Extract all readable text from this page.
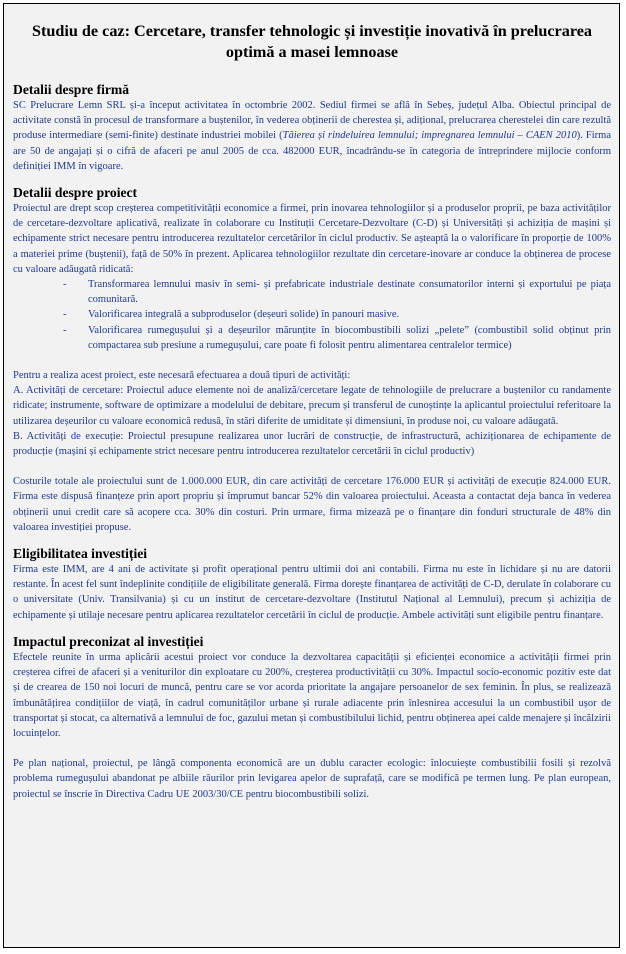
Studiu de caz: Cercetare, transfer tehnologic și investiție inovativă în prelucrarea optimă a masei lemnoase
Detalii despre firmă

SC Prelucrare Lemn SRL și-a început activitatea în octombrie 2002. Sediul firmei se află în Sebeș, județul Alba. Obiectul principal de activitate constă în procesul de transformare a buștenilor, în vederea obținerii de cherestea și, adițional, prelucrarea cherestelei din care rezultă produse intermediare (semi-finite) destinate industriei mobilei (Tăierea și rindeluirea lemnului; impregnarea lemnului – CAEN 2010). Firma are 50 de angajați și o cifră de afaceri pe anul 2005 de cca. 482000 EUR, încadrându-se în categoria de întreprindere mijlocie conform definiției IMM în vigoare.

Detalii despre proiect

Proiectul are drept scop creșterea competitivității economice a firmei, prin inovarea tehnologiilor și a produselor proprii, pe baza activităților de cercetare-dezvoltare aplicativă, realizate în colaborare cu Instituții Cercetare-Dezvoltare (C-D) și Universități și achiziția de mașini și echipamente strict necesare pentru introducerea rezultatelor cercetărilor în ciclul productiv. Se așteaptă la o valorificare în proporție de 100% a materiei prime (buștenii), față de 50% în prezent. Aplicarea tehnologiilor rezultate din cercetare-inovare ar conduce la obținerea de procese cu valoare adăugată ridicată:

- Transformarea lemnului masiv în semi- și prefabricate industriale destinate consumatorilor interni și exportului pe piața comunitară.
- Valorificarea integrală a subproduselor (deșeuri solide) în panouri masive.
- Valorificarea rumegușului și a deșeurilor mărunțite în biocombustibili solizi „pelete” (combustibil solid obținut prin compactarea sub presiune a rumegușului, care poate fi folosit pentru alimentarea centralelor termice)

Pentru a realiza acest proiect, este necesară efectuarea a două tipuri de activități:

A. Activități de cercetare: Proiectul aduce elemente noi de analiză/cercetare legate de tehnologiile de prelucrare a buștenilor cu randamente ridicate; instrumente, software de optimizare a modelului de debitare, precum și transferul de cunoștințe la aplicantul proiectului referitoare la utilizarea deșeurilor cu valoare economică redusă, în stări diferite de umiditate și dimensiuni, în produse noi, cu valoare adăugată.

B. Activități de execuție: Proiectul presupune realizarea unor lucrări de construcție, de infrastructură, achiziționarea de echipamente de producție (mașini și echipamente strict necesare pentru introducerea rezultatelor cercetării în ciclul productiv)

Costurile totale ale proiectului sunt de 1.000.000 EUR, din care activități de cercetare 176.000 EUR și activități de execuție 824.000 EUR. Firma este dispusă finanțeze prin aport propriu și împrumut bancar 52% din valoarea proiectului. Aceasta a contactat deja banca în vederea obținerii unui credit care să acopere cca. 30% din costuri. Prin urmare, firma mizează pe o finanțare din fonduri structurale de 48% din valoarea investiției propuse.

Eligibilitatea investiției

Firma este IMM, are 4 ani de activitate și profit operațional pentru ultimii doi ani contabili. Firma nu este în lichidare și nu are datorii restante. În acest fel sunt îndeplinite condițiile de eligibilitate generală. Firma dorește finanțarea de activități de C-D, derulate în colaborare cu o universitate (Univ. Transilvania) și cu un institut de cercetare-dezvoltare (Institutul Național al Lemnului), precum și achiziția de echipamente și utilaje necesare pentru aplicarea rezultatelor cercetării în ciclul de producție. Ambele activități sunt eligibile pentru finanțare.

Impactul preconizat al investiției

Efectele reunite în urma aplicării acestui proiect vor conduce la dezvoltarea capacității și eficienței economice a activității firmei prin creșterea cifrei de afaceri și a veniturilor din exploatare cu 200%, creșterea productivității cu 30%. Impactul socio-economic pozitiv este dat și de crearea de 150 noi locuri de muncă, pentru care se vor acorda prioritate la angajare persoanelor de sex feminin. În plus, se realizează îmbunătățirea condițiilor de viață, în cadrul comunităților urbane și rurale adiacente prin înlesnirea accesului la un combustibil ușor de transportat și stocat, ca alternativă a lemnului de foc, gazului metan și combustibilului lichid, pentru obținerea apei calde menajere și încălzirii locuințelor.

Pe plan național, proiectul, pe lângă componenta economică are un dublu caracter ecologic: înlocuiește combustibilii fosili și rezolvă problema rumegușului abandonat pe albiile râurilor prin levigarea apelor de suprafață, care se modifică pe termen lung. Pe plan european, proiectul se înscrie în Directiva Cadru UE 2003/30/CE pentru biocombustibili solizi.
